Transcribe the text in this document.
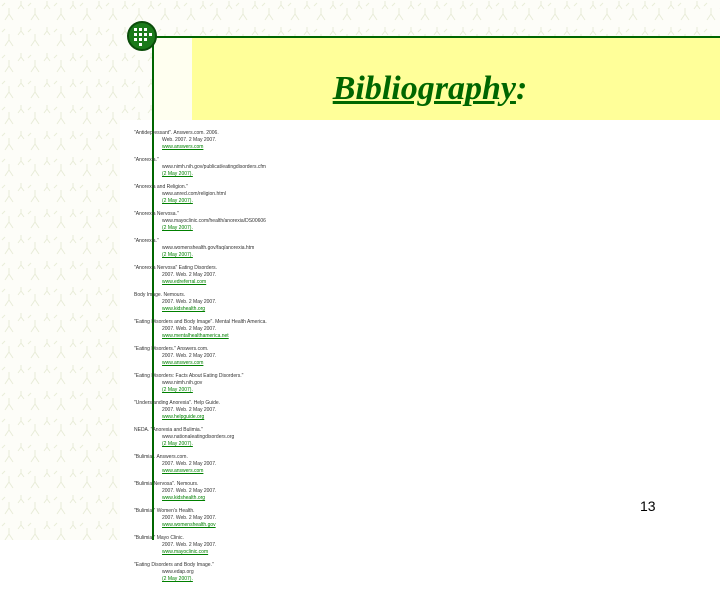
Bibliography:
"Antidepressant". Answers.com. 2006.
Web. 2007. 2 May 2007.
www.answers.com
"Anorexia."
www.nimh.nih.gov/publicat/eatingdisorders.cfm
(2 May 2007).
"Anorexia and Religion."
www.anred.com/religion.html
(2 May 2007).
"Anorexia Nervosa."
www.mayoclinic.com/health/anorexia/DS00606
(2 May 2007).
"Anorexia."
www.womenshealth.gov/faq/anorexia.htm
(2 May 2007).
"Anorexia Nervosa" Eating Disorders.
2007. Web. 2 May 2007.
www.edreferral.com
Body Image. Nemours.
2007. Web. 2 May 2007.
www.kidshealth.org
"Eating Disorders and Body Image". Mental Health America.
2007. Web. 2 May 2007.
www.mentalhealthamerica.net
"Eating Disorders." Answers.com.
2007. Web. 2 May 2007.
www.answers.com
"Eating Disorders: Facts About Eating Disorders."
www.nimh.nih.gov
(2 May 2007).
"Understanding Anorexia". Help Guide.
2007. Web. 2 May 2007.
www.helpguide.org
NEDA. "Anorexia and Bulimia."
www.nationaleatingdisorders.org
(2 May 2007).
"Bulimia". Answers.com.
2007. Web. 2 May 2007.
www.answers.com
"Bulimia Nervosa". Nemours.
2007. Web. 2 May 2007.
www.kidshealth.org
"Bulimia." Women's Health.
2007. Web. 2 May 2007.
www.womenshealth.gov
"Bulimia." Mayo Clinic.
2007. Web. 2 May 2007.
www.mayoclinic.com
"Eating Disorders and Body Image."
www.edap.org
(2 May 2007).
13
